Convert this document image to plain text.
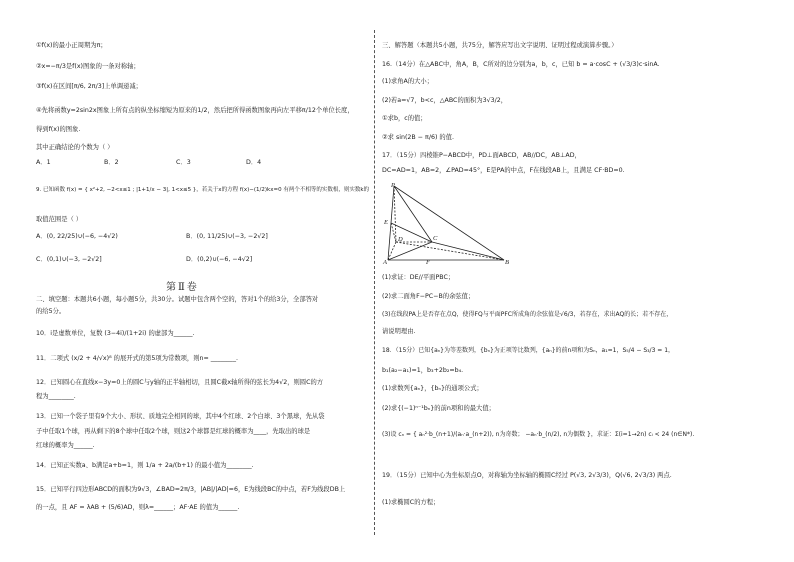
①f(x)的最小正周期为π；
②x=−π/3是f(x)图象的一条对称轴；
③f(x)在区间[π/6, 2π/3]上单调递减；
④先将函数y=2sin2x图象上所有点的纵坐标缩短为原来的1/2，然后把所得函数图象再向左平移π/12个单位长度，
得到f(x)的图象.
其中正确结论的个数为（ ）
A．1	B．2	C．3	D．4
9. 已知函数 f(x) = { x²+2, −2<x≤1 ; |1+1/x − 3|, 1<x≤5 }，若关于x的方程 f(x)−(1/2)kx=0 有两个不相等的实数根，则实数k的
取值范围是（ ）
A．(0, 22/25)∪(−6, −4√2)	B．(0, 11/25)∪(−3, −2√2]
C．(0,1)∪(−3, −2√2]	D．(0,2)∪(−6, −4√2]
第Ⅱ卷
二、填空题：本题共6小题，每小题5分，共30分。试题中包含两个空的，答对1个的给3分，全部答对
的给5分。
10．i是虚数单位，复数 (3−4i)/(1+2i) 的虚部为______.
11．二项式 (x/2 + 4/√x)⁸ 的展开式的第5项为常数项，则n= ________.
12．已知圆心在直线x−3y=0上的圆C与y轴的正半轴相切，且圆C截x轴所得的弦长为4√2，则圆C的方
程为________.
13．已知一个袋子里有9个大小、形状、质地完全相同的球，其中4个红球、2个白球、3个黑球，先从袋
子中任取1个球，再从剩下的8个球中任取2个球，则这2个球都是红球的概率为____，先取出的球是
红球的概率为______.
14．已知正实数a、b满足a+b=1，则 1/a + 2a/(b+1) 的最小值为________.
15．已知平行四边形ABCD的面积为9√3，∠BAD=2π/3，|AB|/|AD|=6，E为线段BC的中点，若F为线段DB上
的一点，且 AF = λAB + (5/6)AD，则λ=______；AF·AE 的值为______.
三、解答题（本题共5小题，共75分，解答应写出文字说明、证明过程或演算步骤。）
16.（14分）在△ABC中，角A，B，C所对的边分别为a，b，c，已知 b = a·cosC + (√3/3)c·sinA.
(1)求角A的大小；
(2)若a=√7，b<c，△ABC的面积为3√3/2，
①求b，c的值；
②求 sin(2B − π/6) 的值.
17．（15分）四棱锥P−ABCD中，PD⊥面ABCD，AB//DC，AB⊥AD，
DC=AD=1，AB=2，∠PAD=45°，E是PA的中点，F在线段AB上，且满足 CF·BD=0.
P
E
D	C
A	F	B
(1)求证：DE//平面PBC；
(2)求二面角F−PC−B的余弦值；
(3)在线段PA上是否存在点Q，使得FQ与平面PFC所成角的余弦值是√6/3，若存在，求出AQ的长；若不存在，
请说明理由.
18．（15分）已知{aₙ}为等差数列，{bₙ}为正项等比数列，{aₙ}的前n项和为Sₙ，a₁=1，S₅/4 − S₃/3 = 1，
b₁(a₂−a₁)=1，b₃+2b₂=b₄.
(1)求数列{aₙ}，{bₙ}的通项公式；
(2)求{(−1)ⁿ⁻¹bₙ}的前n项和的最大值；
(3)设 cₙ = { aₙ²·b_(n+1)/(aₙ·a_(n+2)), n为奇数； −aₙ·b_(n/2), n为偶数 }，求证：Σ(i=1→2n) cᵢ < 24 (n∈N*).
19．（15分）已知中心为坐标原点O，对称轴为坐标轴的椭圆C经过 P(√3, 2√3/3)，Q(√6, 2√3/3) 两点.
(1)求椭圆C的方程；
